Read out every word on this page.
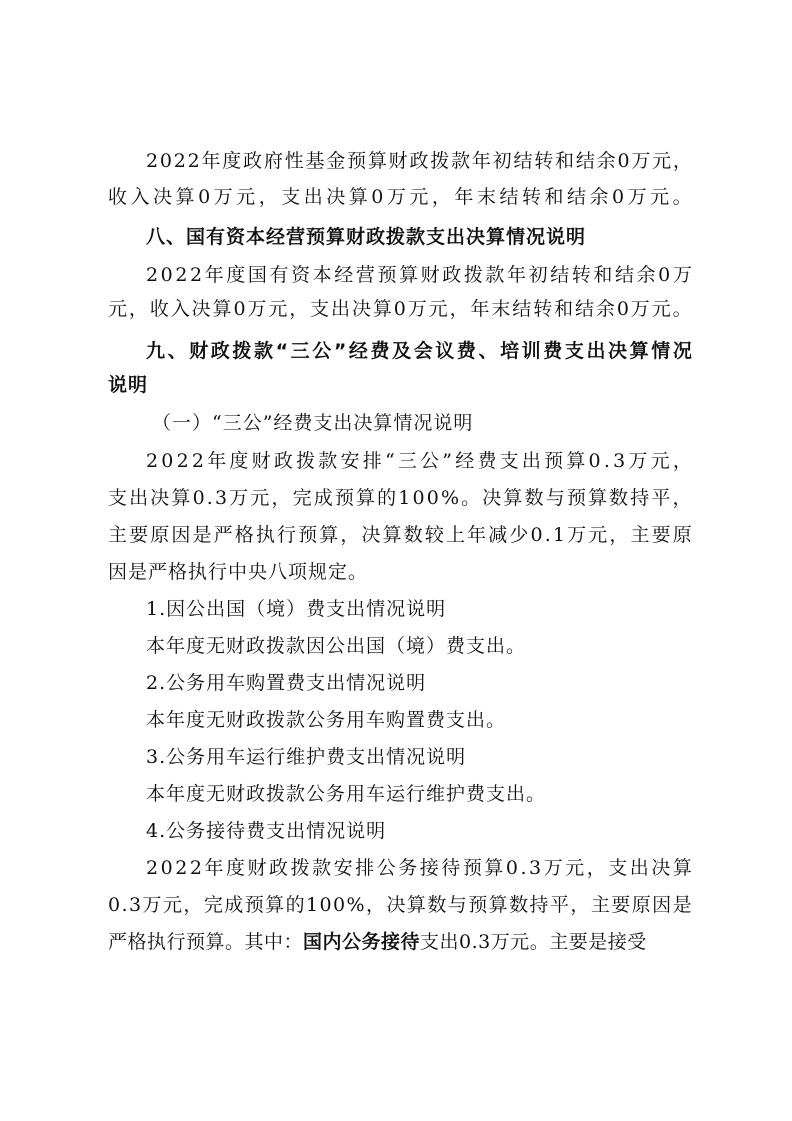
2 0 2 2 年 度 政 府 性 基 金 预 算 财 政 拨 款 年 初 结 转 和 结 余 0 万 元 ，

收 入 决 算 0 万 元 ， 支 出 决 算 0 万 元 ， 年 末 结 转 和 结 余 0 万 元 。

八、国有资本经营预算财政拨款支出决算情况说明

2 0 2 2 年 度 国 有 资 本 经 营 预 算 财 政 拨 款 年 初 结 转 和 结 余 0 万

元 ， 收 入 决 算 0 万 元 ， 支 出 决 算 0 万 元 ， 年 末 结 转 和 结 余 0 万 元 。

九 、 财 政 拨 款 “ 三 公 ” 经 费 及 会 议 费 、 培 训 费 支 出 决 算 情 况

说明

（一）“三公”经费支出决算情况说明

2 0 2 2 年 度 财 政 拨 款 安 排 “ 三 公 ” 经 费 支 出 预 算 0 . 3 万 元 ，

支 出 决 算 0 . 3 万 元 ， 完 成 预 算 的 1 0 0 % 。 决 算 数 与 预 算 数 持 平 ，

主 要 原 因 是 严 格 执 行 预 算 ， 决 算 数 较 上 年 减 少 0 . 1 万 元 ， 主 要 原

因是严格执行中央八项规定。

1.因公出国（境）费支出情况说明

本年度无财政拨款因公出国（境）费支出。

2.公务用车购置费支出情况说明

本年度无财政拨款公务用车购置费支出。

3.公务用车运行维护费支出情况说明

本年度无财政拨款公务用车运行维护费支出。

4.公务接待费支出情况说明

2 0 2 2 年 度 财 政 拨 款 安 排 公 务 接 待 预 算 0 . 3 万 元 ， 支 出 决 算

0 . 3 万 元 ， 完 成 预 算 的 1 0 0 % ， 决 算 数 与 预 算 数 持 平 ， 主 要 原 因 是

严格执行预算。其中： 国内公务接待 支出0.3万元。主要是接受
